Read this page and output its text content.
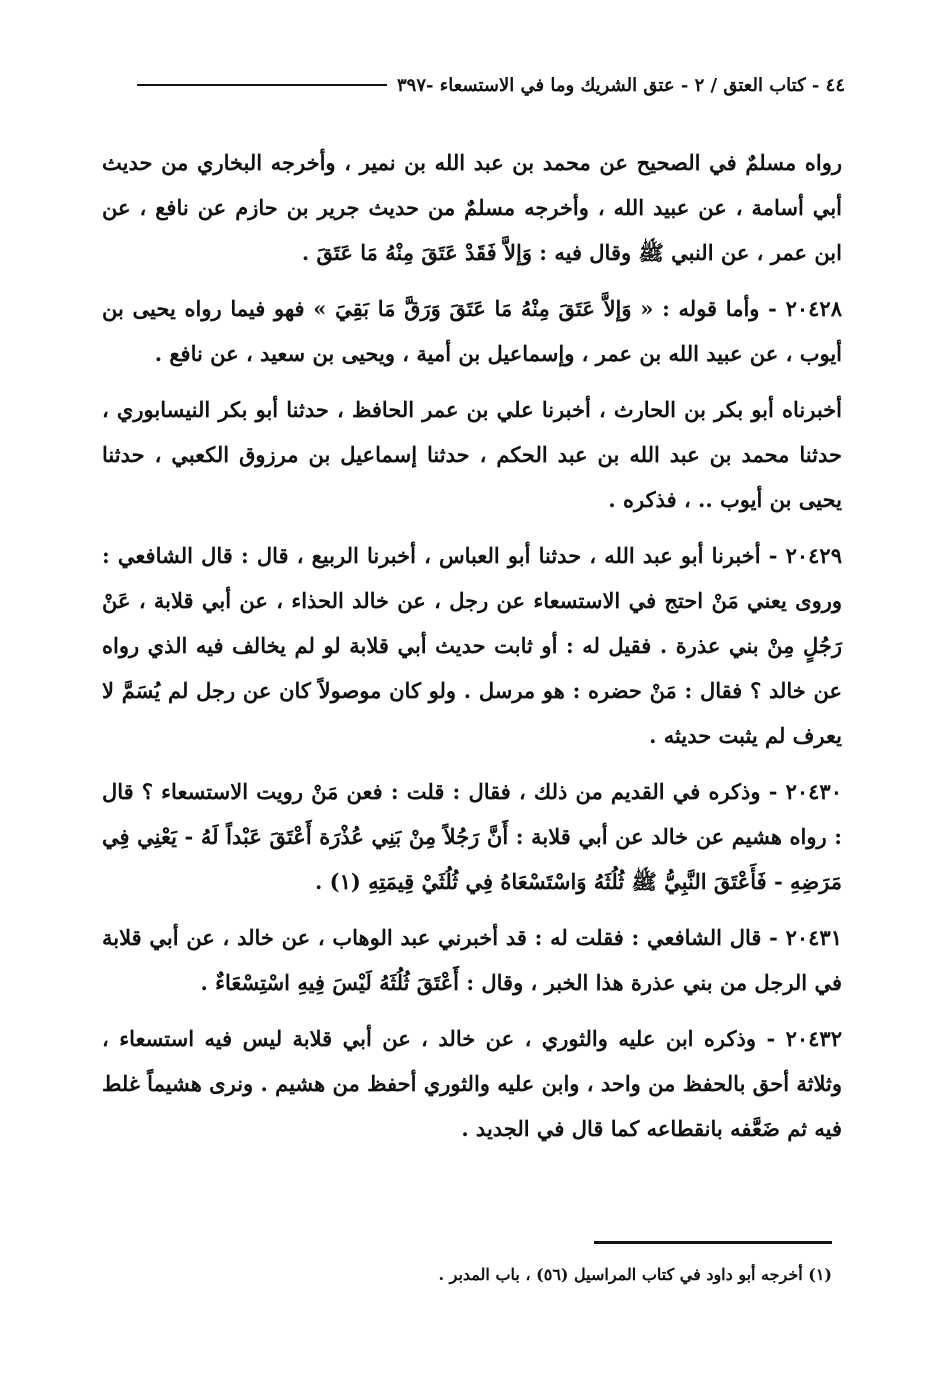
٤٤ - كتاب العتق / ٢ - عتق الشريك وما في الاستسعاء -٣٩٧

رواه مسلمٌ في الصحيح عن محمد بن عبد الله بن نمير ، وأخرجه البخاري من حديث أبي أسامة ، عن عبيد الله ، وأخرجه مسلمٌ من حديث جرير بن حازم عن نافع ، عن ابن عمر ، عن النبي ﷺ وقال فيه : وَإلاَّ فَقَدْ عَتَقَ مِنْهُ مَا عَتَقَ .

٢٠٤٢٨ - وأما قوله : « وَإلاَّ عَتَقَ مِنْهُ مَا عَتَقَ وَرَقَّ مَا بَقِيَ » فهو فيما رواه يحيى بن أيوب ، عن عبيد الله بن عمر ، وإسماعيل بن أمية ، ويحيى بن سعيد ، عن نافع .

أخبرناه أبو بكر بن الحارث ، أخبرنا علي بن عمر الحافظ ، حدثنا أبو بكر النيسابوري ، حدثنا محمد بن عبد الله بن عبد الحكم ، حدثنا إسماعيل بن مرزوق الكعبي ، حدثنا يحيى بن أيوب .. ، فذكره .

٢٠٤٢٩ - أخبرنا أبو عبد الله ، حدثنا أبو العباس ، أخبرنا الربيع ، قال : قال الشافعي : وروى يعني مَنْ احتج في الاستسعاء عن رجل ، عن خالد الحذاء ، عن أبي قلابة ، عَنْ رَجُلٍ مِنْ بني عذرة . فقيل له : أو ثابت حديث أبي قلابة لو لم يخالف فيه الذي رواه عن خالد ؟ فقال : مَنْ حضره : هو مرسل . ولو كان موصولاً كان عن رجل لم يُسَمَّ لا يعرف لم يثبت حديثه .

٢٠٤٣٠ - وذكره في القديم من ذلك ، فقال : قلت : فعن مَنْ رويت الاستسعاء ؟ قال : رواه هشيم عن خالد عن أبي قلابة : أَنَّ رَجُلاً مِنْ بَنِي عُذْرَة أَعْتَقَ عَبْداً لَهُ - يَعْنِي فِي مَرَضِهِ - فَأَعْتَقَ النَّبِيُّ ﷺ ثُلُثَهُ وَاسْتَسْعَاهُ فِي ثُلُثَيْ قِيمَتِهِ (١) .

٢٠٤٣١ - قال الشافعي : فقلت له : قد أخبرني عبد الوهاب ، عن خالد ، عن أبي قلابة في الرجل من بني عذرة هذا الخبر ، وقال : أَعْتَقَ ثُلُثَهُ لَيْسَ فِيهِ اسْتِسْعَاءٌ .

٢٠٤٣٢ - وذكره ابن عليه والثوري ، عن خالد ، عن أبي قلابة ليس فيه استسعاء ، وثلاثة أحق بالحفظ من واحد ، وابن عليه والثوري أحفظ من هشيم . ونرى هشيماً غلط فيه ثم ضَعَّفه بانقطاعه كما قال في الجديد .

(١) أخرجه أبو داود في كتاب المراسيل (٥٦) ، باب المدبر .
